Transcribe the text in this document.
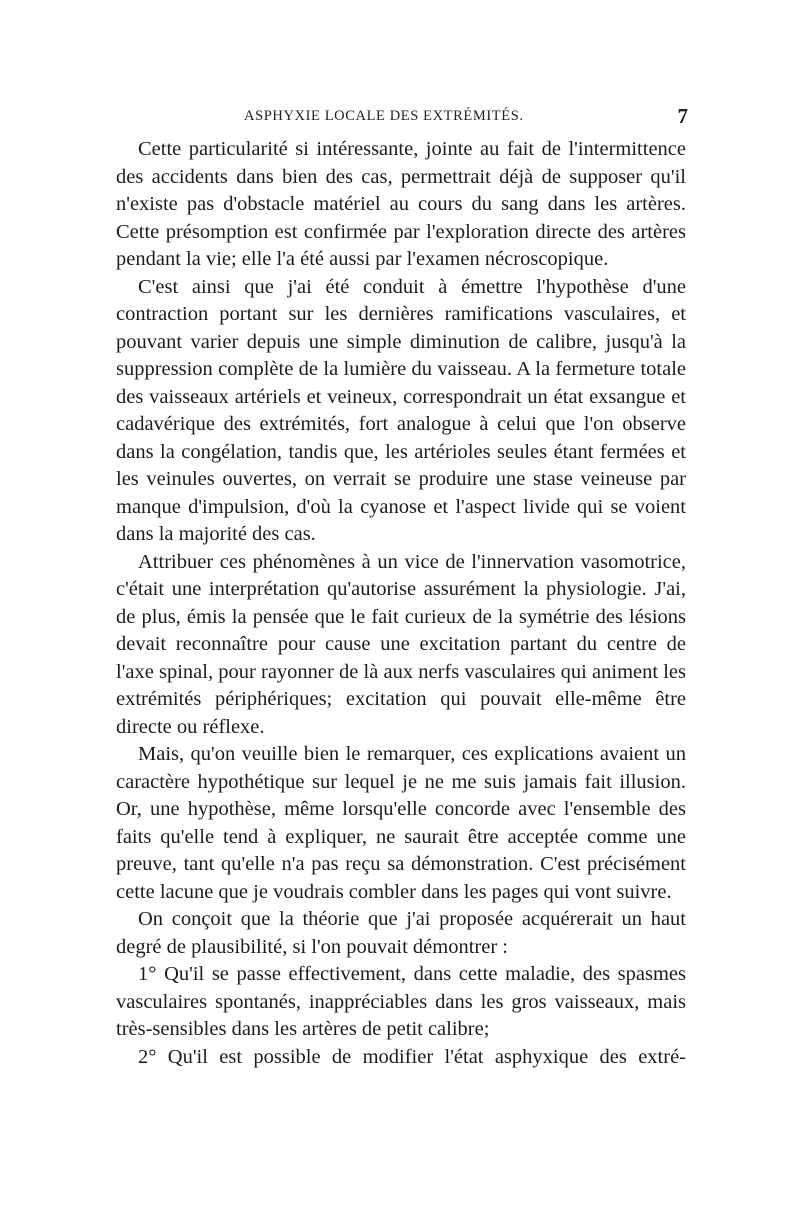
ASPHYXIE LOCALE DES EXTRÉMITÉS.	7

Cette particularité si intéressante, jointe au fait de l'intermittence des accidents dans bien des cas, permettrait déjà de supposer qu'il n'existe pas d'obstacle matériel au cours du sang dans les artères. Cette présomption est confirmée par l'exploration directe des artères pendant la vie; elle l'a été aussi par l'examen nécroscopique.

C'est ainsi que j'ai été conduit à émettre l'hypothèse d'une contraction portant sur les dernières ramifications vasculaires, et pouvant varier depuis une simple diminution de calibre, jusqu'à la suppression complète de la lumière du vaisseau. A la fermeture totale des vaisseaux artériels et veineux, correspondrait un état exsangue et cadavérique des extrémités, fort analogue à celui que l'on observe dans la congélation, tandis que, les artérioles seules étant fermées et les veinules ouvertes, on verrait se produire une stase veineuse par manque d'impulsion, d'où la cyanose et l'aspect livide qui se voient dans la majorité des cas.

Attribuer ces phénomènes à un vice de l'innervation vasomotrice, c'était une interprétation qu'autorise assurément la physiologie. J'ai, de plus, émis la pensée que le fait curieux de la symétrie des lésions devait reconnaître pour cause une excitation partant du centre de l'axe spinal, pour rayonner de là aux nerfs vasculaires qui animent les extrémités périphériques; excitation qui pouvait elle-même être directe ou réflexe.

Mais, qu'on veuille bien le remarquer, ces explications avaient un caractère hypothétique sur lequel je ne me suis jamais fait illusion. Or, une hypothèse, même lorsqu'elle concorde avec l'ensemble des faits qu'elle tend à expliquer, ne saurait être acceptée comme une preuve, tant qu'elle n'a pas reçu sa démonstration. C'est précisément cette lacune que je voudrais combler dans les pages qui vont suivre.

On conçoit que la théorie que j'ai proposée acquérerait un haut degré de plausibilité, si l'on pouvait démontrer :

1° Qu'il se passe effectivement, dans cette maladie, des spasmes vasculaires spontanés, inappréciables dans les gros vaisseaux, mais très-sensibles dans les artères de petit calibre;

2° Qu'il est possible de modifier l'état asphyxique des extré-
